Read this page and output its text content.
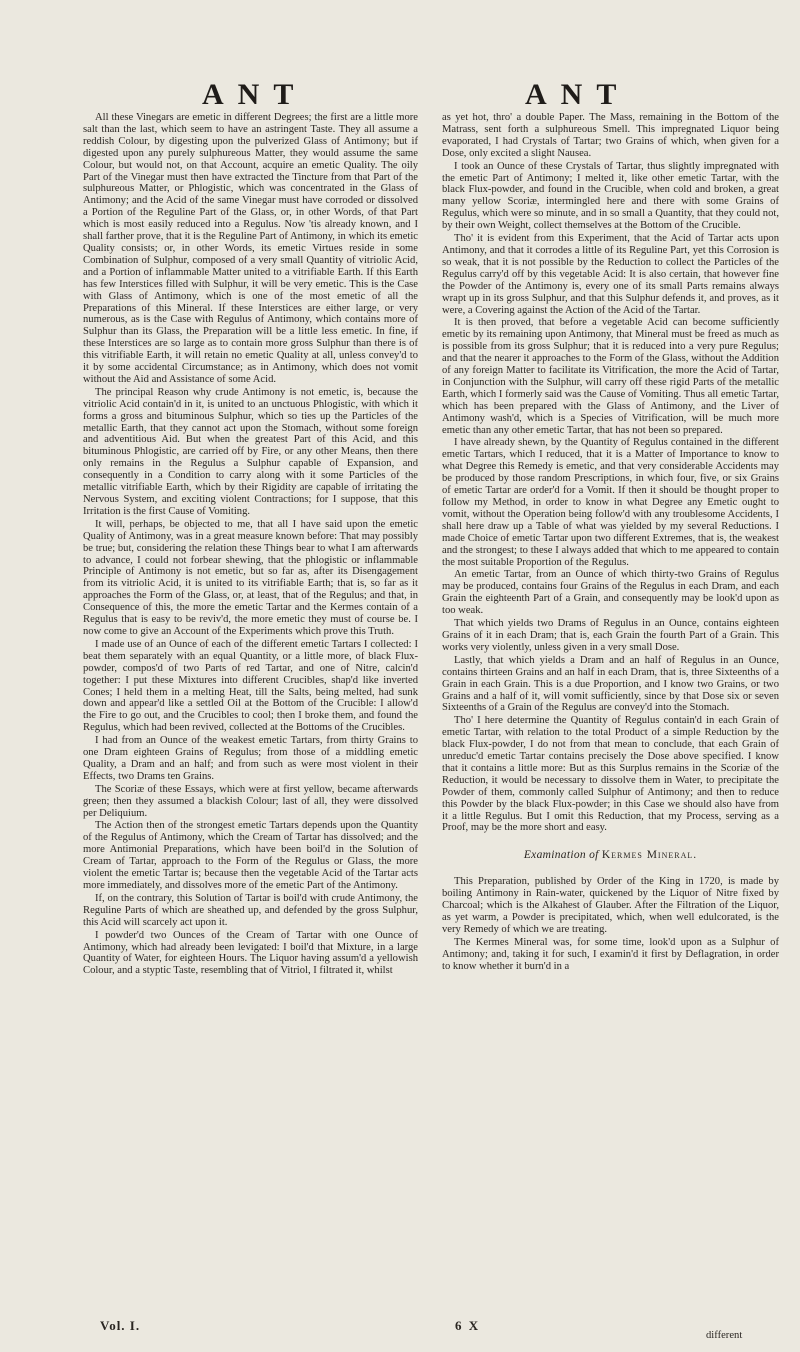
ANT	ANT

All these Vinegars are emetic in different Degrees; the first are a little more salt than the last, which seem to have an astringent Taste. They all assume a reddish Colour, by digesting upon the pulverized Glass of Antimony; but if digested upon any purely sulphureous Matter, they would assume the same Colour, but would not, on that Account, acquire an emetic Quality. The oily Part of the Vinegar must then have extracted the Tincture from that Part of the sulphureous Matter, or Phlogistic, which was concentrated in the Glass of Antimony; and the Acid of the same Vinegar must have corroded or dissolved a Portion of the Reguline Part of the Glass, or, in other Words, of that Part which is most easily reduced into a Regulus. Now 'tis already known, and I shall farther prove, that it is the Reguline Part of Antimony, in which its emetic Quality consists; or, in other Words, its emetic Virtues reside in some Combination of Sulphur, composed of a very small Quantity of vitriolic Acid, and a Portion of inflammable Matter united to a vitrifiable Earth. If this Earth has few Interstices filled with Sulphur, it will be very emetic. This is the Case with Glass of Antimony, which is one of the most emetic of all the Preparations of this Mineral. If these Interstices are either large, or very numerous, as is the Case with Regulus of Antimony, which contains more of Sulphur than its Glass, the Preparation will be a little less emetic. In fine, if these Interstices are so large as to contain more gross Sulphur than there is of this vitrifiable Earth, it will retain no emetic Quality at all, unless convey'd to it by some accidental Circumstance; as in Antimony, which does not vomit without the Aid and Assistance of some Acid.

The principal Reason why crude Antimony is not emetic, is, because the vitriolic Acid contain'd in it, is united to an unctuous Phlogistic, with which it forms a gross and bituminous Sulphur, which so ties up the Particles of the metallic Earth, that they cannot act upon the Stomach, without some foreign and adventitious Aid. But when the greatest Part of this Acid, and this bituminous Phlogistic, are carried off by Fire, or any other Means, then there only remains in the Regulus a Sulphur capable of Expansion, and consequently in a Condition to carry along with it some Particles of the metallic vitrifiable Earth, which by their Rigidity are capable of irritating the Nervous System, and exciting violent Contractions; for I suppose, that this Irritation is the first Cause of Vomiting.

It will, perhaps, be objected to me, that all I have said upon the emetic Quality of Antimony, was in a great measure known before: That may possibly be true; but, considering the relation these Things bear to what I am afterwards to advance, I could not forbear shewing, that the phlogistic or inflammable Principle of Antimony is not emetic, but so far as, after its Disengagement from its vitriolic Acid, it is united to its vitrifiable Earth; that is, so far as it approaches the Form of the Glass, or, at least, that of the Regulus; and that, in Consequence of this, the more the emetic Tartar and the Kermes contain of a Regulus that is easy to be reviv'd, the more emetic they must of course be. I now come to give an Account of the Experiments which prove this Truth.

I made use of an Ounce of each of the different emetic Tartars I collected: I beat them separately with an equal Quantity, or a little more, of black Flux-powder, compos'd of two Parts of red Tartar, and one of Nitre, calcin'd together: I put these Mixtures into different Crucibles, shap'd like inverted Cones; I held them in a melting Heat, till the Salts, being melted, had sunk down and appear'd like a settled Oil at the Bottom of the Crucible: I allow'd the Fire to go out, and the Crucibles to cool; then I broke them, and found the Regulus, which had been revived, collected at the Bottoms of the Crucibles.

I had from an Ounce of the weakest emetic Tartars, from thirty Grains to one Dram eighteen Grains of Regulus; from those of a middling emetic Quality, a Dram and an half; and from such as were most violent in their Effects, two Drams ten Grains.

The Scoriæ of these Essays, which were at first yellow, became afterwards green; then they assumed a blackish Colour; last of all, they were dissolved per Deliquium.

The Action then of the strongest emetic Tartars depends upon the Quantity of the Regulus of Antimony, which the Cream of Tartar has dissolved; and the more Antimonial Preparations, which have been boil'd in the Solution of Cream of Tartar, approach to the Form of the Regulus or Glass, the more violent the emetic Tartar is; because then the vegetable Acid of the Tartar acts more immediately, and dissolves more of the emetic Part of the Antimony.

If, on the contrary, this Solution of Tartar is boil'd with crude Antimony, the Reguline Parts of which are sheathed up, and defended by the gross Sulphur, this Acid will scarcely act upon it.

I powder'd two Ounces of the Cream of Tartar with one Ounce of Antimony, which had already been levigated: I boil'd that Mixture, in a large Quantity of Water, for eighteen Hours. The Liquor having assum'd a yellowish Colour, and a styptic Taste, resembling that of Vitriol, I filtrated it, whilst

as yet hot, thro' a double Paper. The Mass, remaining in the Bottom of the Matrass, sent forth a sulphureous Smell. This impregnated Liquor being evaporated, I had Crystals of Tartar; two Grains of which, when given for a Dose, only excited a slight Nausea.

I took an Ounce of these Crystals of Tartar, thus slightly impregnated with the emetic Part of Antimony; I melted it, like other emetic Tartar, with the black Flux-powder, and found in the Crucible, when cold and broken, a great many yellow Scoriæ, intermingled here and there with some Grains of Regulus, which were so minute, and in so small a Quantity, that they could not, by their own Weight, collect themselves at the Bottom of the Crucible.

Tho' it is evident from this Experiment, that the Acid of Tartar acts upon Antimony, and that it corrodes a little of its Reguline Part, yet this Corrosion is so weak, that it is not possible by the Reduction to collect the Particles of the Regulus carry'd off by this vegetable Acid: It is also certain, that however fine the Powder of the Antimony is, every one of its small Parts remains always wrapt up in its gross Sulphur, and that this Sulphur defends it, and proves, as it were, a Covering against the Action of the Acid of the Tartar.

It is then proved, that before a vegetable Acid can become sufficiently emetic by its remaining upon Antimony, that Mineral must be freed as much as is possible from its gross Sulphur; that it is reduced into a very pure Regulus; and that the nearer it approaches to the Form of the Glass, without the Addition of any foreign Matter to facilitate its Vitrification, the more the Acid of Tartar, in Conjunction with the Sulphur, will carry off these rigid Parts of the metallic Earth, which I formerly said was the Cause of Vomiting. Thus all emetic Tartar, which has been prepared with the Glass of Antimony, and the Liver of Antimony wash'd, which is a Species of Vitrification, will be much more emetic than any other emetic Tartar, that has not been so prepared.

I have already shewn, by the Quantity of Regulus contained in the different emetic Tartars, which I reduced, that it is a Matter of Importance to know to what Degree this Remedy is emetic, and that very considerable Accidents may be produced by those random Prescriptions, in which four, five, or six Grains of emetic Tartar are order'd for a Vomit. If then it should be thought proper to follow my Method, in order to know in what Degree any Emetic ought to vomit, without the Operation being follow'd with any troublesome Accidents, I shall here draw up a Table of what was yielded by my several Reductions. I made Choice of emetic Tartar upon two different Extremes, that is, the weakest and the strongest; to these I always added that which to me appeared to contain the most suitable Proportion of the Regulus.

An emetic Tartar, from an Ounce of which thirty-two Grains of Regulus may be produced, contains four Grains of the Regulus in each Dram, and each Grain the eighteenth Part of a Grain, and consequently may be look'd upon as too weak.

That which yields two Drams of Regulus in an Ounce, contains eighteen Grains of it in each Dram; that is, each Grain the fourth Part of a Grain. This works very violently, unless given in a very small Dose.

Lastly, that which yields a Dram and an half of Regulus in an Ounce, contains thirteen Grains and an half in each Dram, that is, three Sixteenths of a Grain in each Grain. This is a due Proportion, and I know two Grains, or two Grains and a half of it, will vomit sufficiently, since by that Dose six or seven Sixteenths of a Grain of the Regulus are convey'd into the Stomach.

Tho' I here determine the Quantity of Regulus contain'd in each Grain of emetic Tartar, with relation to the total Product of a simple Reduction by the black Flux-powder, I do not from that mean to conclude, that each Grain of unreduc'd emetic Tartar contains precisely the Dose above specified. I know that it contains a little more: But as this Surplus remains in the Scoriæ of the Reduction, it would be necessary to dissolve them in Water, to precipitate the Powder of them, commonly called Sulphur of Antimony; and then to reduce this Powder by the black Flux-powder; in this Case we should also have from it a little Regulus. But I omit this Reduction, that my Process, serving as a Proof, may be the more short and easy.

Examination of Kermes Mineral.

This Preparation, published by Order of the King in 1720, is made by boiling Antimony in Rain-water, quickened by the Liquor of Nitre fixed by Charcoal; which is the Alkahest of Glauber. After the Filtration of the Liquor, as yet warm, a Powder is precipitated, which, when well edulcorated, is the very Remedy of which we are treating.

The Kermes Mineral was, for some time, look'd upon as a Sulphur of Antimony; and, taking it for such, I examin'd it first by Deflagration, in order to know whether it burn'd in a

Vol. I.	6 X
different
